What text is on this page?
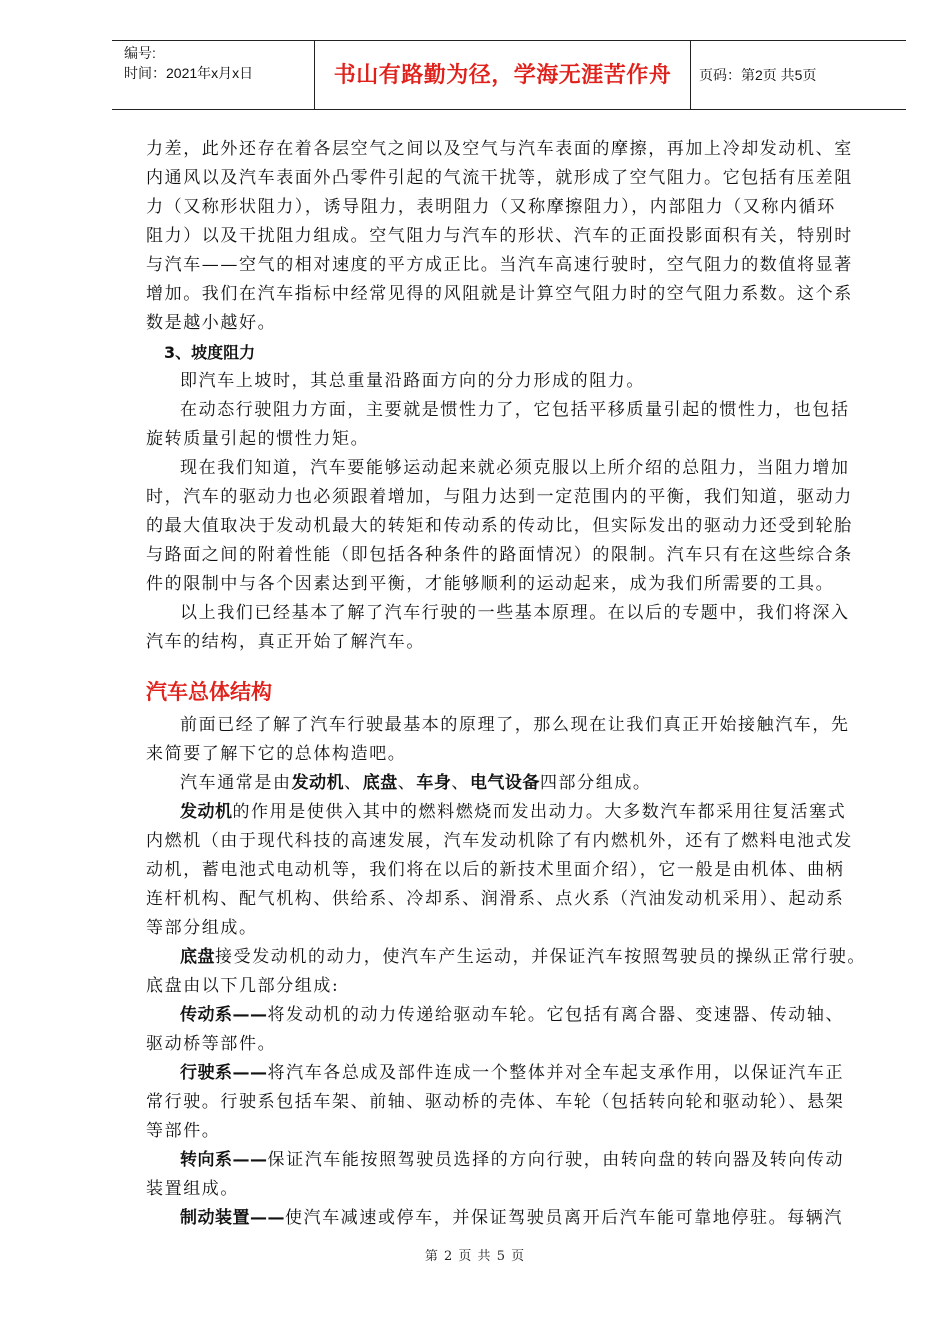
编号:
时间：2021年x月x日	书山有路勤为径，学海无涯苦作舟	页码：第2页 共5页
力差，此外还存在着各层空气之间以及空气与汽车表面的摩擦，再加上冷却发动机、室
内通风以及汽车表面外凸零件引起的气流干扰等，就形成了空气阻力。它包括有压差阻
力（又称形状阻力），诱导阻力，表明阻力（又称摩擦阻力），内部阻力（又称内循环
阻力）以及干扰阻力组成。空气阻力与汽车的形状、汽车的正面投影面积有关，特别时
与汽车——空气的相对速度的平方成正比。当汽车高速行驶时，空气阻力的数值将显著
增加。我们在汽车指标中经常见得的风阻就是计算空气阻力时的空气阻力系数。这个系
数是越小越好。
3、坡度阻力
即汽车上坡时，其总重量沿路面方向的分力形成的阻力。
在动态行驶阻力方面，主要就是惯性力了，它包括平移质量引起的惯性力，也包括
旋转质量引起的惯性力矩。
现在我们知道，汽车要能够运动起来就必须克服以上所介绍的总阻力，当阻力增加
时，汽车的驱动力也必须跟着增加，与阻力达到一定范围内的平衡，我们知道，驱动力
的最大值取决于发动机最大的转矩和传动系的传动比，但实际发出的驱动力还受到轮胎
与路面之间的附着性能（即包括各种条件的路面情况）的限制。汽车只有在这些综合条
件的限制中与各个因素达到平衡，才能够顺利的运动起来，成为我们所需要的工具。
以上我们已经基本了解了汽车行驶的一些基本原理。在以后的专题中，我们将深入
汽车的结构，真正开始了解汽车。
汽车总体结构
前面已经了解了汽车行驶最基本的原理了，那么现在让我们真正开始接触汽车，先
来简要了解下它的总体构造吧。
汽车通常是由发动机、底盘、车身、电气设备四部分组成。
发动机的作用是使供入其中的燃料燃烧而发出动力。大多数汽车都采用往复活塞式
内燃机（由于现代科技的高速发展，汽车发动机除了有内燃机外，还有了燃料电池式发
动机，蓄电池式电动机等，我们将在以后的新技术里面介绍），它一般是由机体、曲柄
连杆机构、配气机构、供给系、冷却系、润滑系、点火系（汽油发动机采用）、起动系
等部分组成。
底盘接受发动机的动力，使汽车产生运动，并保证汽车按照驾驶员的操纵正常行驶。
底盘由以下几部分组成:
传动系——将发动机的动力传递给驱动车轮。它包括有离合器、变速器、传动轴、
驱动桥等部件。
行驶系——将汽车各总成及部件连成一个整体并对全车起支承作用，以保证汽车正
常行驶。行驶系包括车架、前轴、驱动桥的壳体、车轮（包括转向轮和驱动轮）、悬架
等部件。
转向系——保证汽车能按照驾驶员选择的方向行驶，由转向盘的转向器及转向传动
装置组成。
制动装置——使汽车减速或停车，并保证驾驶员离开后汽车能可靠地停驻。每辆汽
第 2 页 共 5 页
